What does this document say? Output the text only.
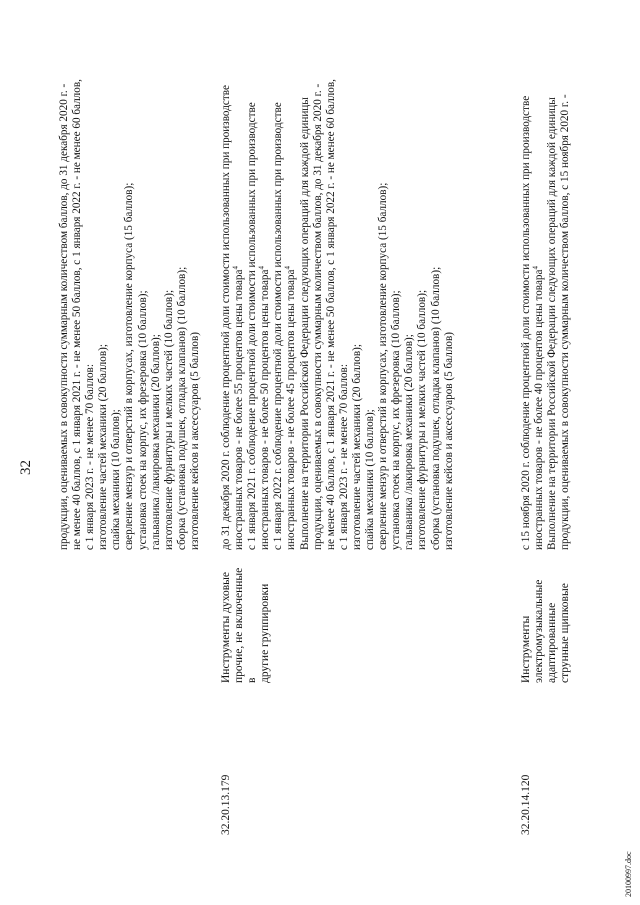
32 продукции, оцениваемых в совокупности суммарным количеством баллов, до 31 декабря 2020 г. - не менее 40 баллов, с 1 января 2021 г. - не менее 50 баллов, с 1 января 2022 г. - не менее 60 баллов, с 1 января 2023 г. - не менее 70 баллов: изготовление частей механики (20 баллов); спайка механики (10 баллов); сверление мензур и отверстий в корпусах, изготовление корпуса (15 баллов); установка стоек на корпус, их фрезеровка (10 баллов); гальваника /лакировка механики (20 баллов); изготовление фурнитуры и мелких частей (10 баллов); сборка (установка подушек, отладка клапанов) (10 баллов); изготовление кейсов и аксессуаров (5 баллов)
32.20.13.179
Инструменты духовые прочие, не включенные в другие группировки
до 31 декабря 2020 г. соблюдение процентной доли стоимости использованных при производстве иностранных товаров - не более 55 процентов цены товара$^4$ с 1 января 2021 г. соблюдение процентной доли стоимости использованных при производстве иностранных товаров - не более 50 процентов цены товара$^4$ с 1 января 2022 г. соблюдение процентной доли стоимости использованных при производстве иностранных товаров - не более 45 процентов цены товара$^4$ Выполнение на территории Российской Федерации следующих операций для каждой единицы продукции, оцениваемых в совокупности суммарным количеством баллов, до 31 декабря 2020 г. - не менее 40 баллов, с 1 января 2021 г. - не менее 50 баллов, с 1 января 2022 г. - не менее 60 баллов, с 1 января 2023 г. - не менее 70 баллов: изготовление частей механики (20 баллов); спайка механики (10 баллов); сверление мензур и отверстий в корпусах, изготовление корпуса (15 баллов); установка стоек на корпус, их фрезеровка (10 баллов); гальваника /лакировка механики (20 баллов); изготовление фурнитуры и мелких частей (10 баллов); сборка (установка подушек, отладка клапанов) (10 баллов); изготовление кейсов и аксессуаров (5 баллов)
32.20.14.120
Инструменты электромузыкальные адаптированные струнные щипковые
с 15 ноября 2020 г. соблюдение процентной доли стоимости использованных при производстве иностранных товаров - не более 40 процентов цены товара$^4$ Выполнение на территории Российской Федерации следующих операций для каждой единицы продукции, оцениваемых в совокупности суммарным количеством баллов, с 15 ноября 2020 г. -
20100997.doc
